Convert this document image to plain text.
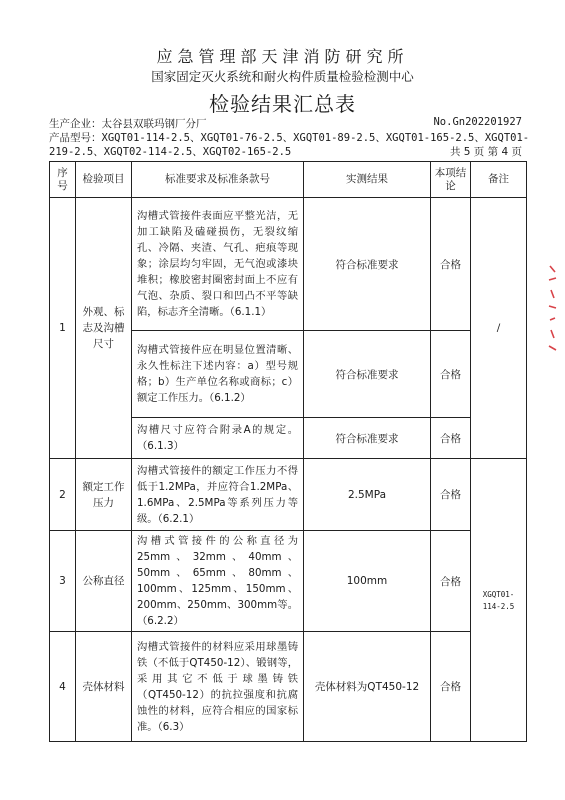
应急管理部天津消防研究所
国家固定灭火系统和耐火构件质量检验检测中心
检验结果汇总表
生产企业：太谷县双联玛钢厂分厂	No.Gn202201927
产品型号：XGQT01-114-2.5、XGQT01-76-2.5、XGQT01-89-2.5、XGQT01-165-2.5、XGQT01-
219-2.5、XGQT02-114-2.5、XGQT02-165-2.5	共 5 页 第 4 页
序号	检验项目	标准要求及标准条款号	实测结果	本项结论	备注
1	外观、标志及沟槽尺寸	沟槽式管接件表面应平整光洁，无加工缺陷及磕碰损伤，无裂纹缩孔、冷隔、夹渣、气孔、疤痕等现象；涂层均匀牢固，无气泡或漆块堆积；橡胶密封圈密封面上不应有气泡、杂质、裂口和凹凸不平等缺陷，标志齐全清晰。（6.1.1）	符合标准要求	合格	/
		沟槽式管接件应在明显位置清晰、永久性标注下述内容：a）型号规格；b）生产单位名称或商标；c）额定工作压力。（6.1.2）	符合标准要求	合格	
		沟槽尺寸应符合附录A的规定。（6.1.3）	符合标准要求	合格	
2	额定工作压力	沟槽式管接件的额定工作压力不得低于1.2MPa，并应符合1.2MPa、1.6MPa、2.5MPa等系列压力等级。（6.2.1）	2.5MPa	合格	XGQT01-114-2.5
3	公称直径	沟槽式管接件的公称直径为25mm、32mm、40mm、50mm、65mm、80mm、100mm、125mm、150mm、200mm、250mm、300mm等。（6.2.2）	100mm	合格	
4	壳体材料	沟槽式管接件的材料应采用球墨铸铁（不低于QT450-12）、锻钢等，采用其它不低于球墨铸铁（QT450-12）的抗拉强度和抗腐蚀性的材料，应符合相应的国家标准。（6.3）	壳体材料为QT450-12	合格	
